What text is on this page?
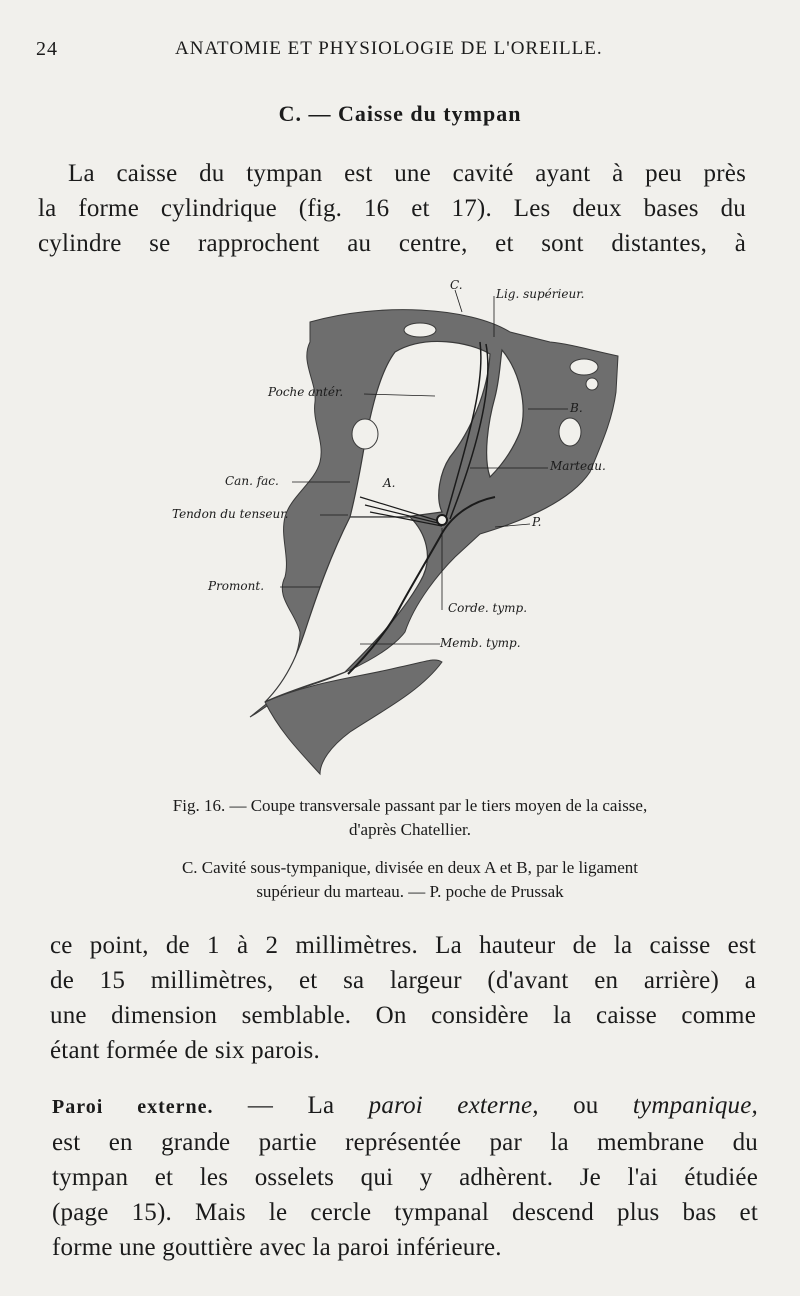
24	ANATOMIE ET PHYSIOLOGIE DE L'OREILLE.
C. — Caisse du tympan
La caisse du tympan est une cavité ayant à peu près
la forme cylindrique (fig. 16 et 17). Les deux bases du
cylindre se rapprochent au centre, et sont distantes, à
C.
Lig. supérieur.
Poche antér.
B.
A.
Can. fac.
Marteau.
Tendon du tenseur.
P.
Promont.
Corde. tymp.
Memb. tymp.
Fig. 16. — Coupe transversale passant par le tiers moyen de la caisse,
d'après Chatellier.
C. Cavité sous-tympanique, divisée en deux A et B, par le ligament
supérieur du marteau. — P. poche de Prussak
ce point, de 1 à 2 millimètres. La hauteur de la caisse est
de 15 millimètres, et sa largeur (d'avant en arrière) a
une dimension semblable. On considère la caisse comme
étant formée de six parois.
Paroi externe. — La paroi externe, ou tympanique,
est en grande partie représentée par la membrane du
tympan et les osselets qui y adhèrent. Je l'ai étudiée
(page 15). Mais le cercle tympanal descend plus bas et
forme une gouttière avec la paroi inférieure.
